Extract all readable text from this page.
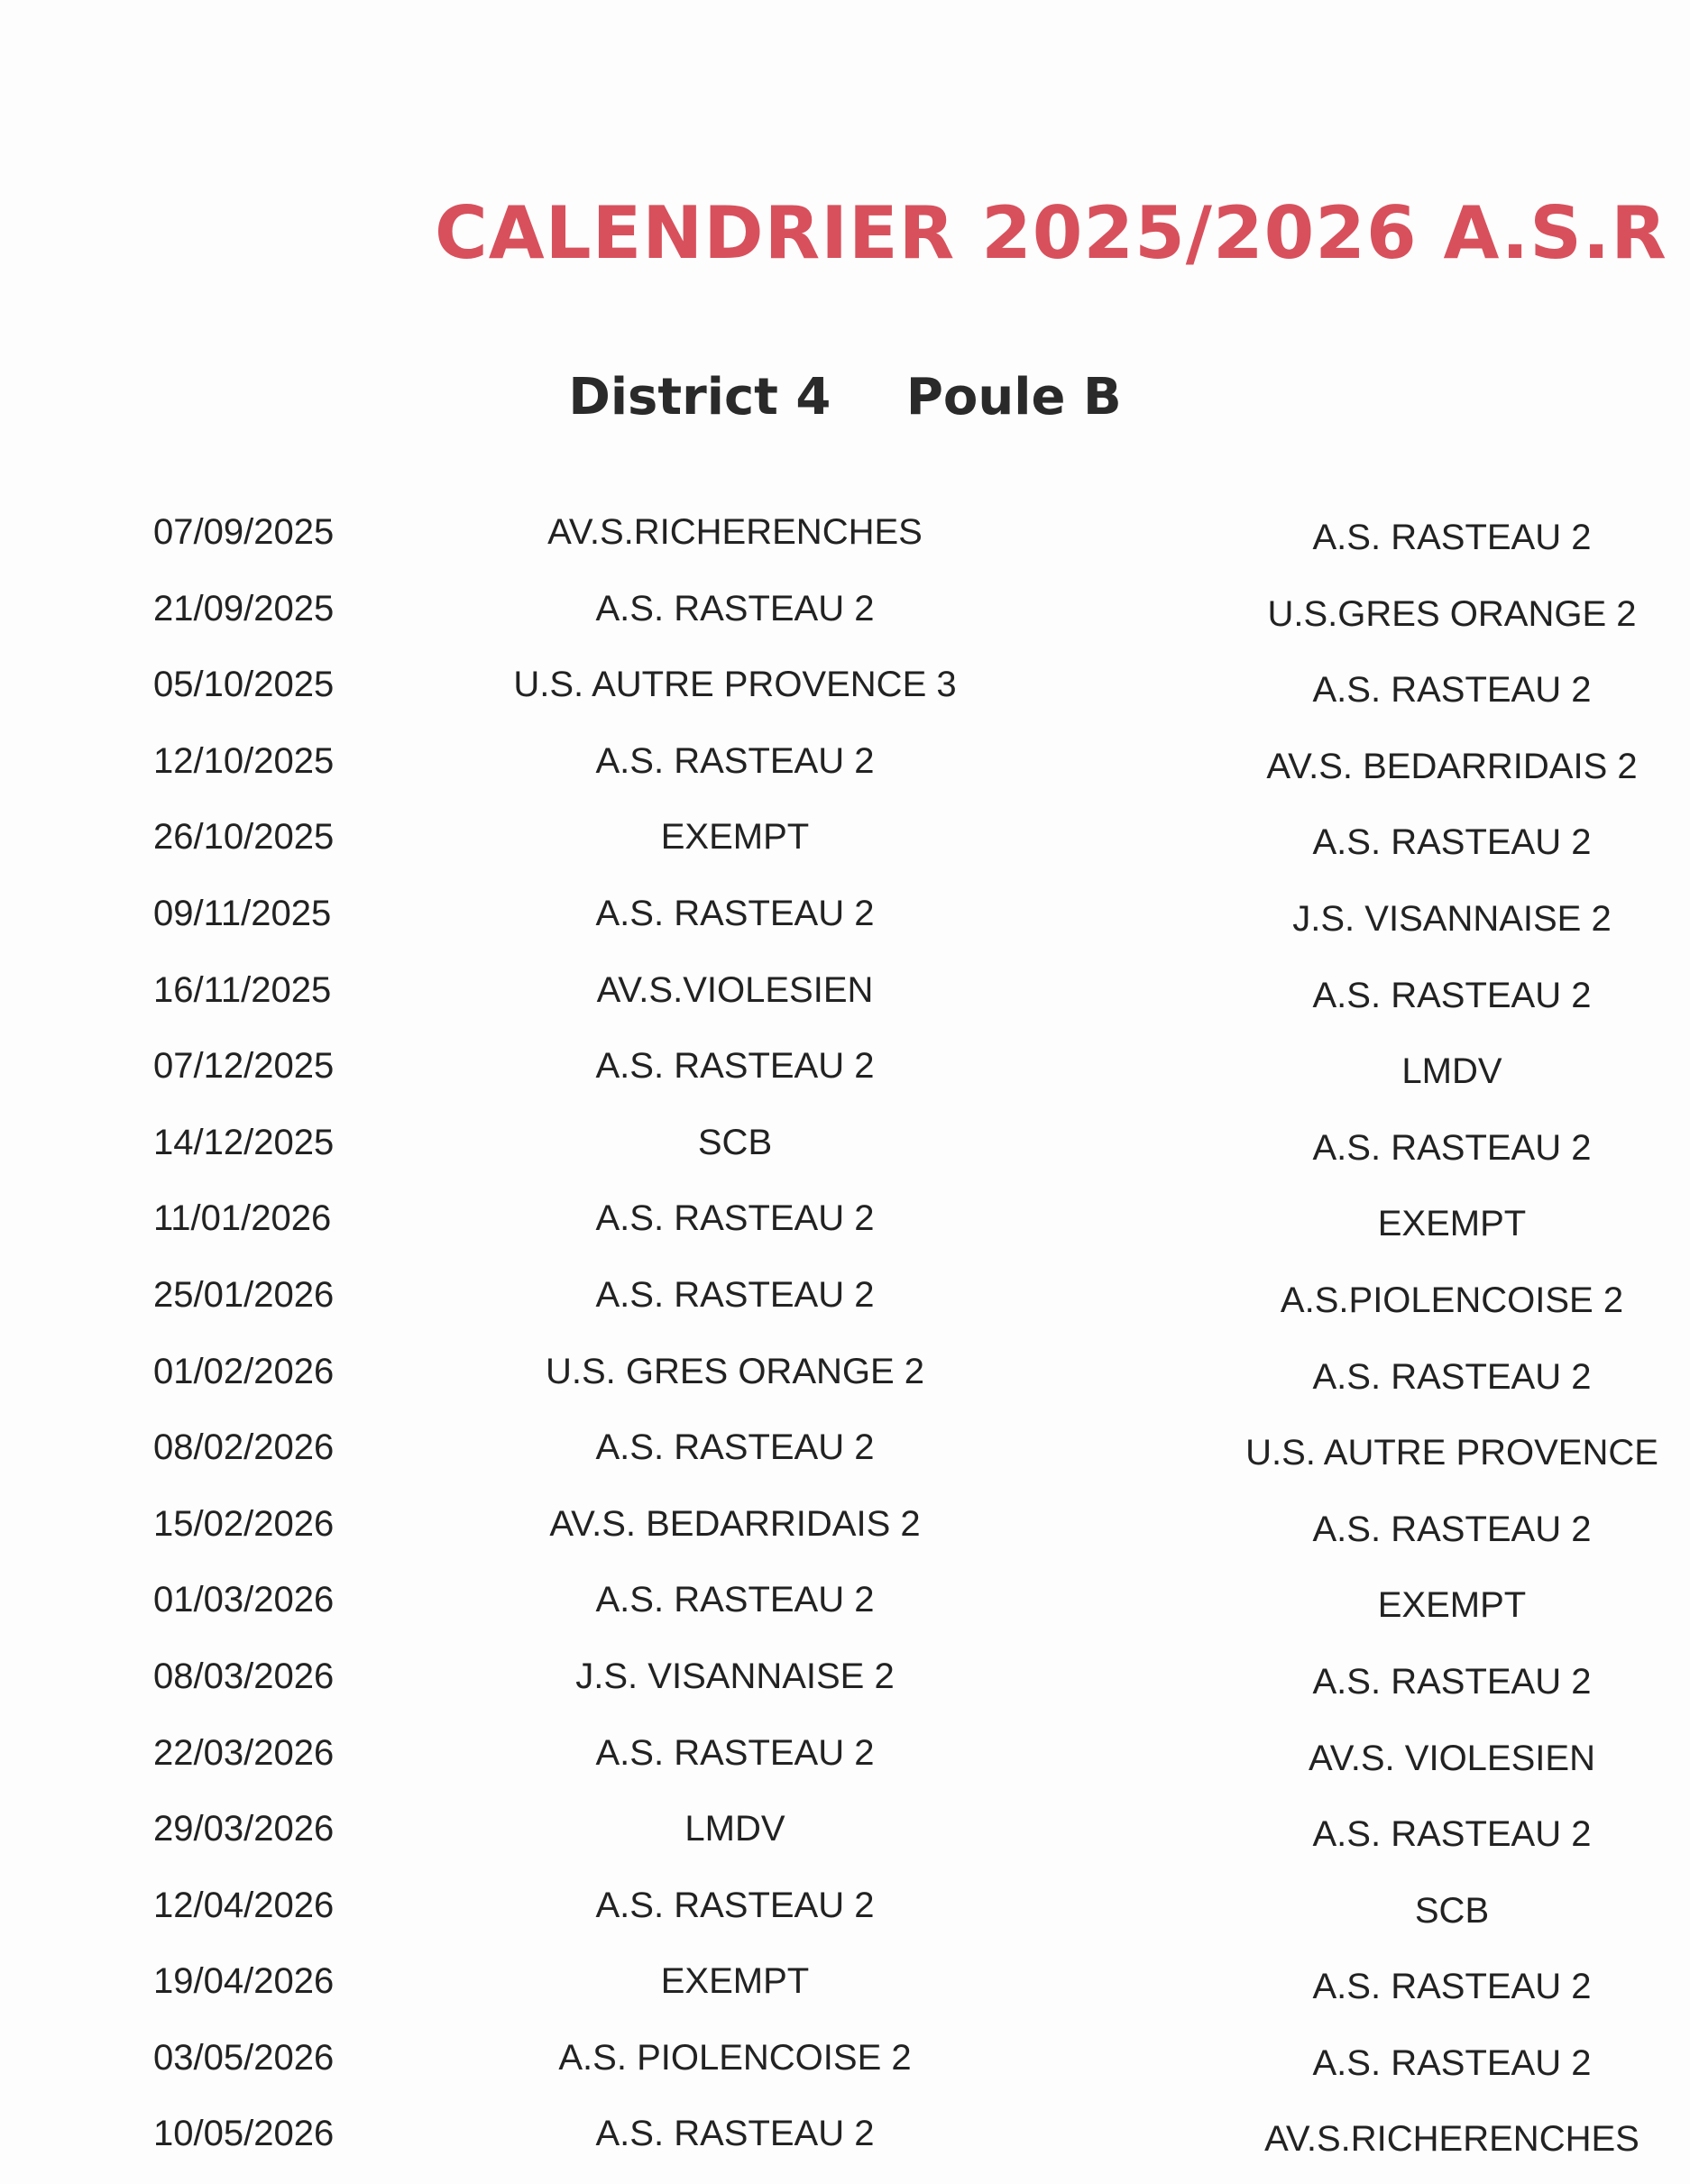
CALENDRIER 2025/2026 A.S.R
District 4 Poule B
07/09/2025	AV.S.RICHERENCHES	A.S. RASTEAU 2
21/09/2025	A.S. RASTEAU 2	U.S.GRES ORANGE 2
05/10/2025	U.S. AUTRE PROVENCE 3	A.S. RASTEAU 2
12/10/2025	A.S. RASTEAU 2	AV.S. BEDARRIDAIS 2
26/10/2025	EXEMPT	A.S. RASTEAU 2
09/11/2025	A.S. RASTEAU 2	J.S. VISANNAISE 2
16/11/2025	AV.S.VIOLESIEN	A.S. RASTEAU 2
07/12/2025	A.S. RASTEAU 2	LMDV
14/12/2025	SCB	A.S. RASTEAU 2
11/01/2026	A.S. RASTEAU 2	EXEMPT
25/01/2026	A.S. RASTEAU 2	A.S.PIOLENCOISE 2
01/02/2026	U.S. GRES ORANGE 2	A.S. RASTEAU 2
08/02/2026	A.S. RASTEAU 2	U.S. AUTRE PROVENCE
15/02/2026	AV.S. BEDARRIDAIS 2	A.S. RASTEAU 2
01/03/2026	A.S. RASTEAU 2	EXEMPT
08/03/2026	J.S. VISANNAISE 2	A.S. RASTEAU 2
22/03/2026	A.S. RASTEAU 2	AV.S. VIOLESIEN
29/03/2026	LMDV	A.S. RASTEAU 2
12/04/2026	A.S. RASTEAU 2	SCB
19/04/2026	EXEMPT	A.S. RASTEAU 2
03/05/2026	A.S. PIOLENCOISE 2	A.S. RASTEAU 2
10/05/2026	A.S. RASTEAU 2	AV.S.RICHERENCHES
